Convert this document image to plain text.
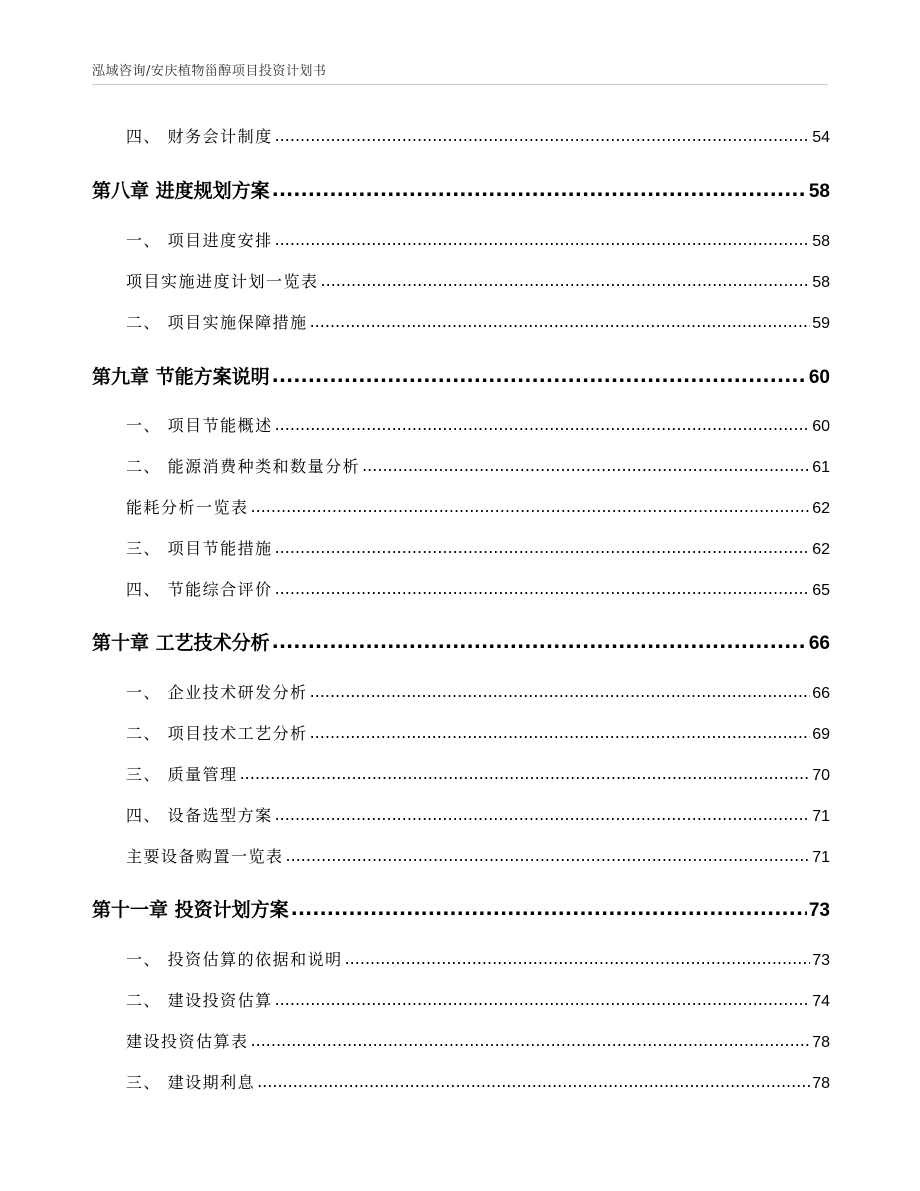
泓域咨询/安庆植物甾醇项目投资计划书
四、 财务会计制度 .....	54
第八章 进度规划方案 .....	58
一、 项目进度安排 .....	58
项目实施进度计划一览表 .....	58
二、 项目实施保障措施 .....	59
第九章 节能方案说明 .....	60
一、 项目节能概述 .....	60
二、 能源消费种类和数量分析 .....	61
能耗分析一览表 .....	62
三、 项目节能措施 .....	62
四、 节能综合评价 .....	65
第十章 工艺技术分析 .....	66
一、 企业技术研发分析 .....	66
二、 项目技术工艺分析 .....	69
三、 质量管理 .....	70
四、 设备选型方案 .....	71
主要设备购置一览表 .....	71
第十一章 投资计划方案 .....	73
一、 投资估算的依据和说明 .....	73
二、 建设投资估算 .....	74
建设投资估算表 .....	78
三、 建设期利息 .....	78
